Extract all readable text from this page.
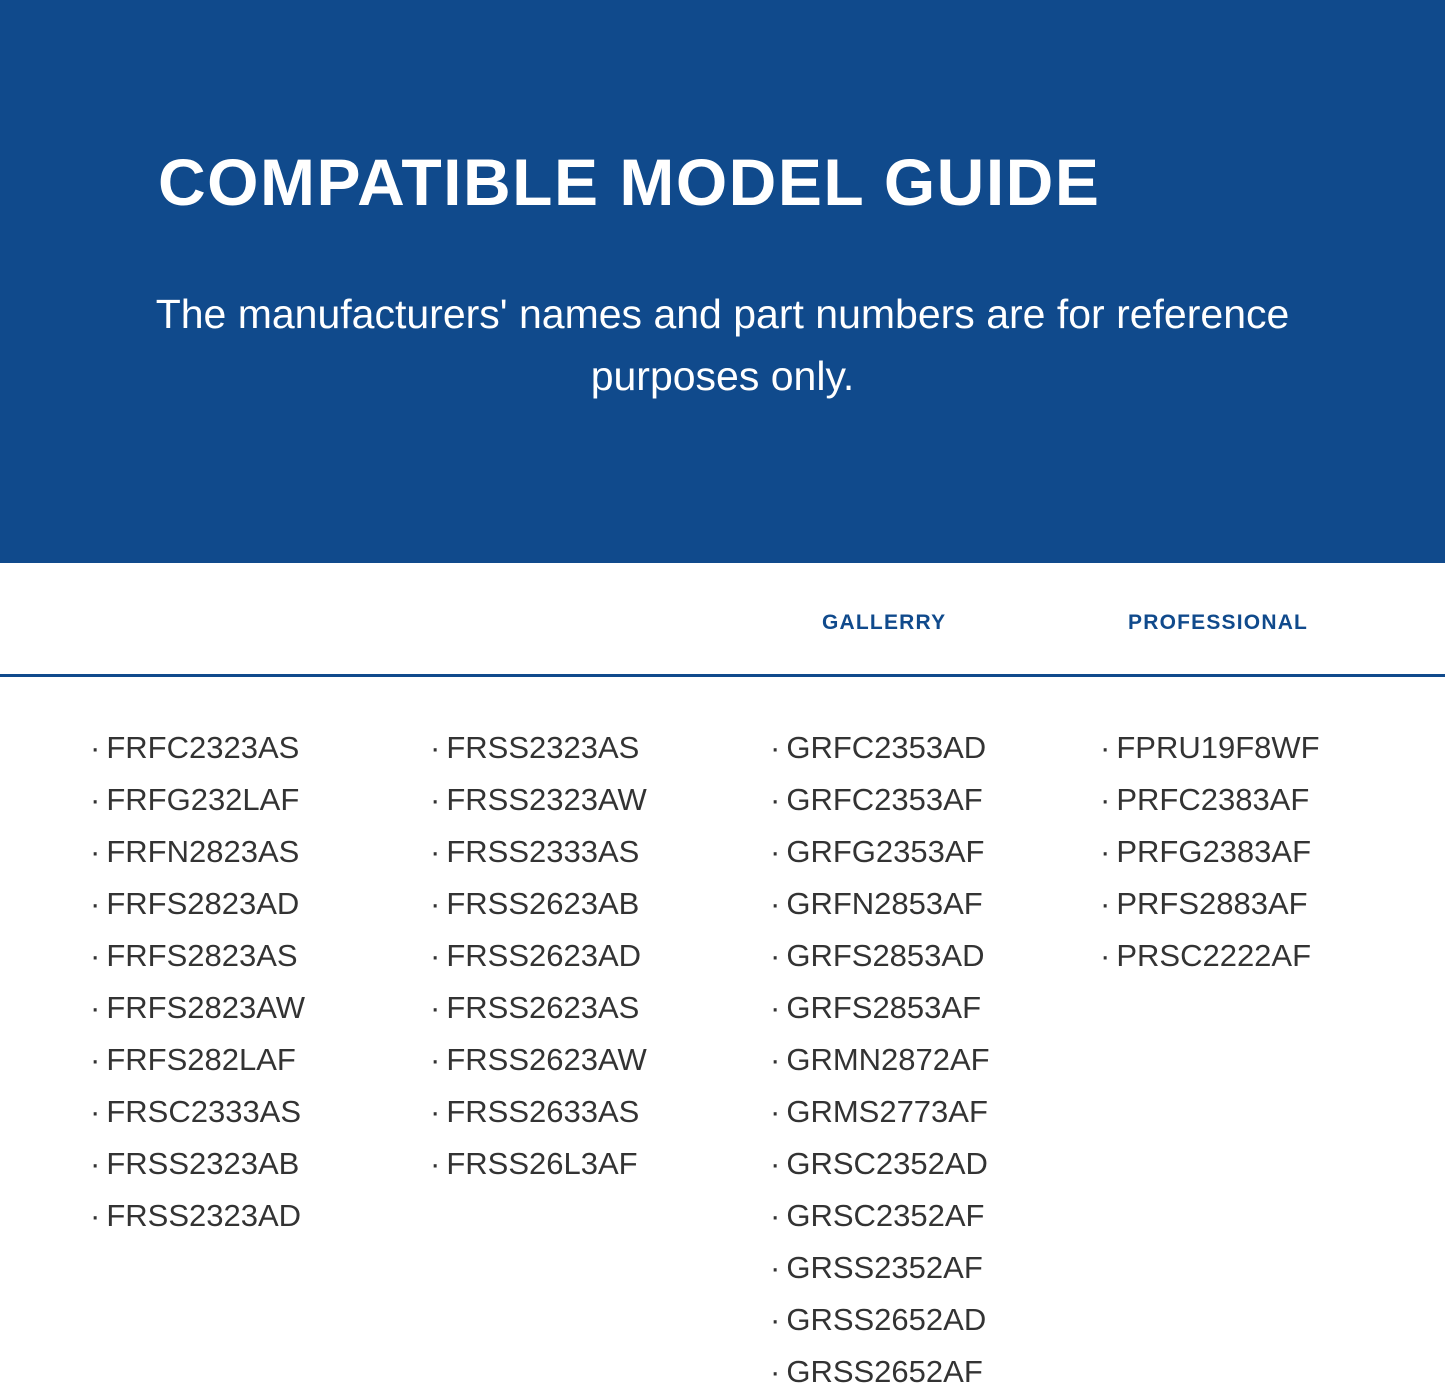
COMPATIBLE MODEL GUIDE
The manufacturers' names and part numbers are for reference purposes only.
GALLERRY	PROFESSIONAL
· FRFC2323AS
· FRFG232LAF
· FRFN2823AS
· FRFS2823AD
· FRFS2823AS
· FRFS2823AW
· FRFS282LAF
· FRSC2333AS
· FRSS2323AB
· FRSS2323AD
· FRSS2323AS
· FRSS2323AW
· FRSS2333AS
· FRSS2623AB
· FRSS2623AD
· FRSS2623AS
· FRSS2623AW
· FRSS2633AS
· FRSS26L3AF
· GRFC2353AD
· GRFC2353AF
· GRFG2353AF
· GRFN2853AF
· GRFS2853AD
· GRFS2853AF
· GRMN2872AF
· GRMS2773AF
· GRSC2352AD
· GRSC2352AF
· GRSS2352AF
· GRSS2652AD
· GRSS2652AF
· FPRU19F8WF
· PRFC2383AF
· PRFG2383AF
· PRFS2883AF
· PRSC2222AF
